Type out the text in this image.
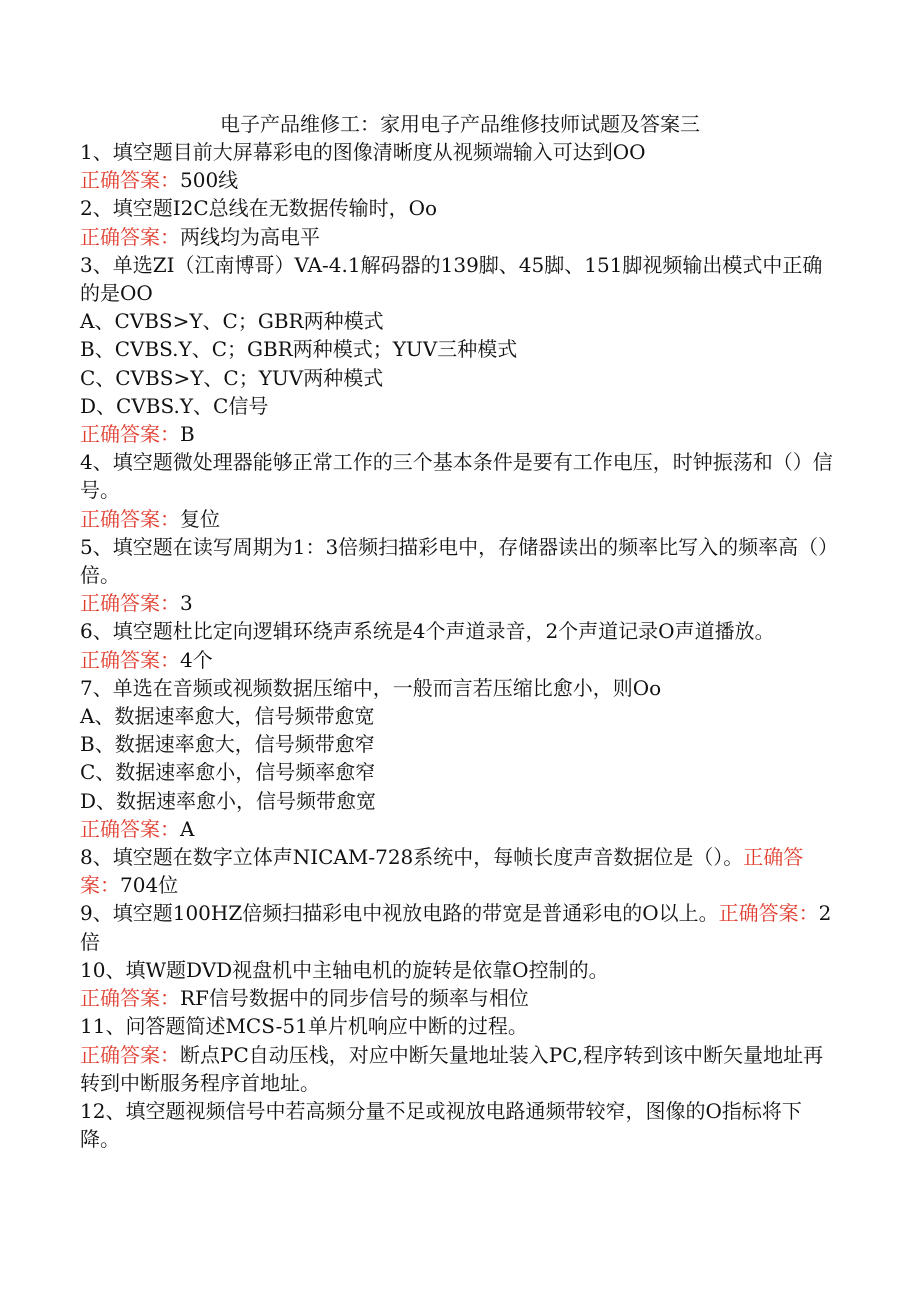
电子产品维修工：家用电子产品维修技师试题及答案三

1、填空题目前大屏幕彩电的图像清晰度从视频端输入可达到OO

正确答案：500线

2、填空题I2C总线在无数据传输时，Oo

正确答案：两线均为高电平

3、单选ZI（江南博哥）VA-4.1解码器的139脚、45脚、151脚视频输出模式中正确的是OO

A、CVBS>Y、C；GBR两种模式

B、CVBS.Y、C；GBR两种模式；YUV三种模式

C、CVBS>Y、C；YUV两种模式

D、CVBS.Y、C信号

正确答案：B

4、填空题微处理器能够正常工作的三个基本条件是要有工作电压，时钟振荡和（）信号。

正确答案：复位

5、填空题在读写周期为1：3倍频扫描彩电中，存储器读出的频率比写入的频率高（）倍。

正确答案：3

6、填空题杜比定向逻辑环绕声系统是4个声道录音，2个声道记录O声道播放。

正确答案：4个

7、单选在音频或视频数据压缩中，一般而言若压缩比愈小，则Oo

A、数据速率愈大，信号频带愈宽

B、数据速率愈大，信号频带愈窄

C、数据速率愈小，信号频率愈窄

D、数据速率愈小，信号频带愈宽

正确答案：A

8、填空题在数字立体声NICAM-728系统中，每帧长度声音数据位是（）。正确答案：704位

9、填空题100HZ倍频扫描彩电中视放电路的带宽是普通彩电的O以上。正确答案：2倍

10、填W题DVD视盘机中主轴电机的旋转是依靠O控制的。

正确答案：RF信号数据中的同步信号的频率与相位

11、问答题简述MCS-51单片机响应中断的过程。

正确答案：断点PC自动压栈，对应中断矢量地址装入PC,程序转到该中断矢量地址再转到中断服务程序首地址。

12、填空题视频信号中若高频分量不足或视放电路通频带较窄，图像的O指标将下降。
